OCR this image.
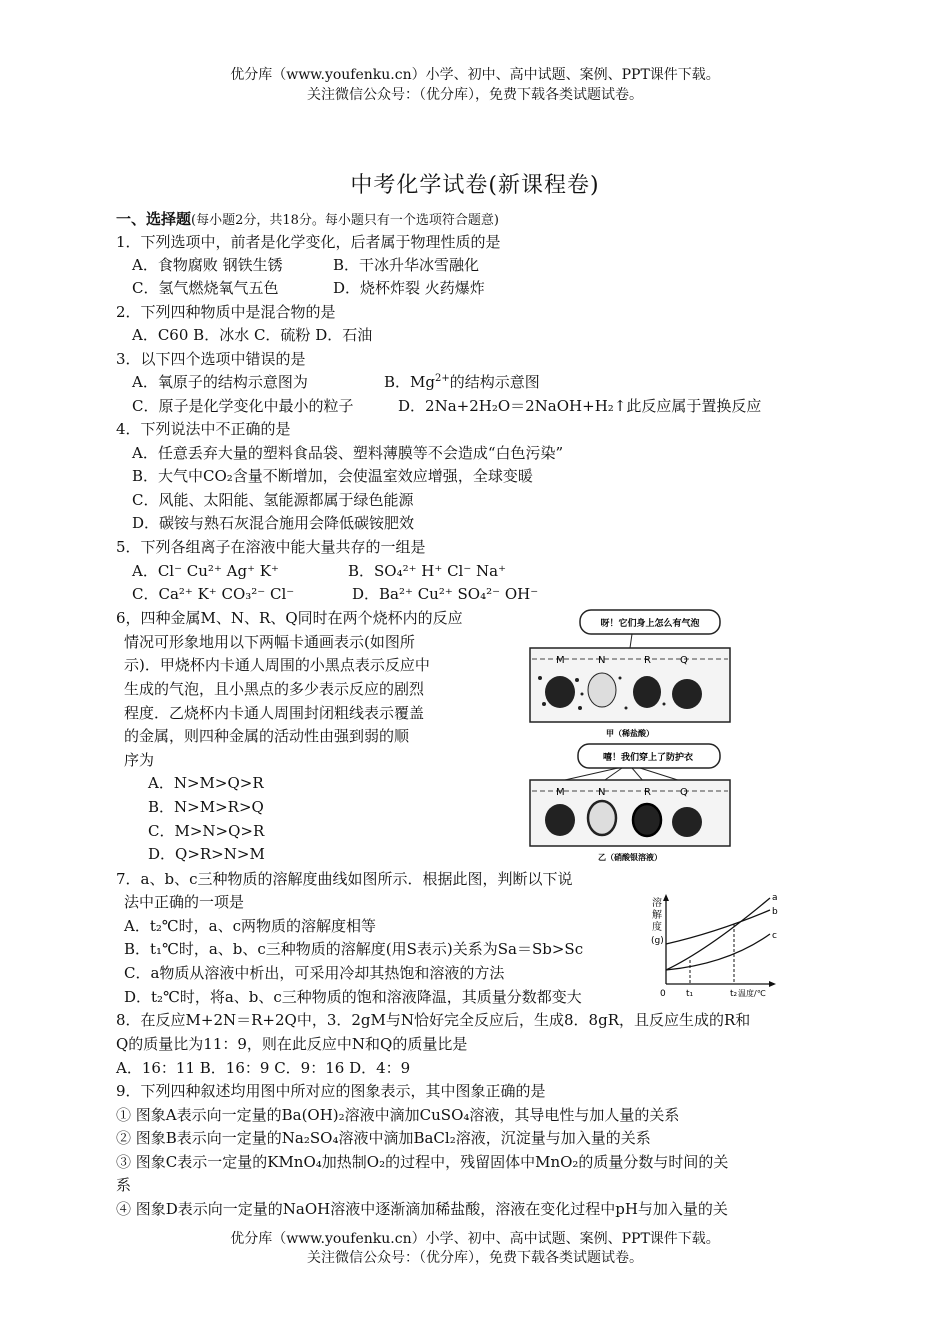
优分库（www.youfenku.cn）小学、初中、高中试题、案例、PPT课件下载。
关注微信公众号：（优分库），免费下载各类试题试卷。
中考化学试卷(新课程卷)
一、选择题(每小题2分，共18分。每小题只有一个选项符合题意)
1．下列选项中，前者是化学变化，后者属于物理性质的是
A．食物腐败 钢铁生锈	B．干冰升华冰雪融化
C．氢气燃烧氧气五色	D．烧杯炸裂 火药爆炸
2．下列四种物质中是混合物的是
A．C60 B．冰水 C．硫粉 D．石油
3．以下四个选项中错误的是
A．氧原子的结构示意图为	B．$Mg^{2+}$的结构示意图
C．原子是化学变化中最小的粒子	D．2Na+2H₂O＝2NaOH+H₂↑此反应属于置换反应
4．下列说法中不正确的是
A．任意丢弃大量的塑料食品袋、塑料薄膜等不会造成“白色污染”
B．大气中CO₂含量不断增加，会使温室效应增强，全球变暖
C．风能、太阳能、氢能源都属于绿色能源
D．碳铵与熟石灰混合施用会降低碳铵肥效
5．下列各组离子在溶液中能大量共存的一组是
A．Cl⁻ Cu²⁺ Ag⁺ K⁺	B．SO₄²⁺ H⁺ Cl⁻ Na⁺
C．Ca²⁺ K⁺ CO₃²⁻ Cl⁻	D．Ba²⁺ Cu²⁺ SO₄²⁻ OH⁻
6，四种金属M、N、R、Q同时在两个烧杯内的反应
情况可形象地用以下两幅卡通画表示(如图所
示)．甲烧杯内卡通人周围的小黑点表示反应中
生成的气泡，且小黑点的多少表示反应的剧烈
程度．乙烧杯内卡通人周围封闭粗线表示覆盖
的金属，则四种金属的活动性由强到弱的顺
序为
A．N>M>Q>R
B．N>M>R>Q
C．M>N>Q>R
D．Q>R>N>M
呀！它们身上怎么有气泡
M	N	R	Q
甲（稀盐酸）
嘻！我们穿上了防护衣
M	N	R	Q
乙（硝酸银溶液）
7．a、b、c三种物质的溶解度曲线如图所示．根据此图，判断以下说
法中正确的一项是
A．t₂℃时，a、c两物质的溶解度相等
B．t₁℃时，a、b、c三种物质的溶解度(用S表示)关系为Sa＝Sb>Sc
C．a物质从溶液中析出，可采用冷却其热饱和溶液的方法
D．t₂℃时，将a、b、c三种物质的饱和溶液降温，其质量分数都变大
溶
解
度
(g)
a
b
c
0 t₁	t₂ 温度/℃
8．在反应M+2N＝R+2Q中，3．2gM与N恰好完全反应后，生成8．8gR，且反应生成的R和
Q的质量比为11：9，则在此反应中N和Q的质量比是
A．16：11 B．16：9 C．9：16 D．4：9
9．下列四种叙述均用图中所对应的图象表示，其中图象正确的是
① 图象A表示向一定量的Ba(OH)₂溶液中滴加CuSO₄溶液，其导电性与加人量的关系
② 图象B表示向一定量的Na₂SO₄溶液中滴加BaCl₂溶液，沉淀量与加入量的关系
③ 图象C表示一定量的KMnO₄加热制O₂的过程中，残留固体中MnO₂的质量分数与时间的关
系
④ 图象D表示向一定量的NaOH溶液中逐渐滴加稀盐酸，溶液在变化过程中pH与加入量的关
优分库（www.youfenku.cn）小学、初中、高中试题、案例、PPT课件下载。
关注微信公众号：（优分库），免费下载各类试题试卷。
